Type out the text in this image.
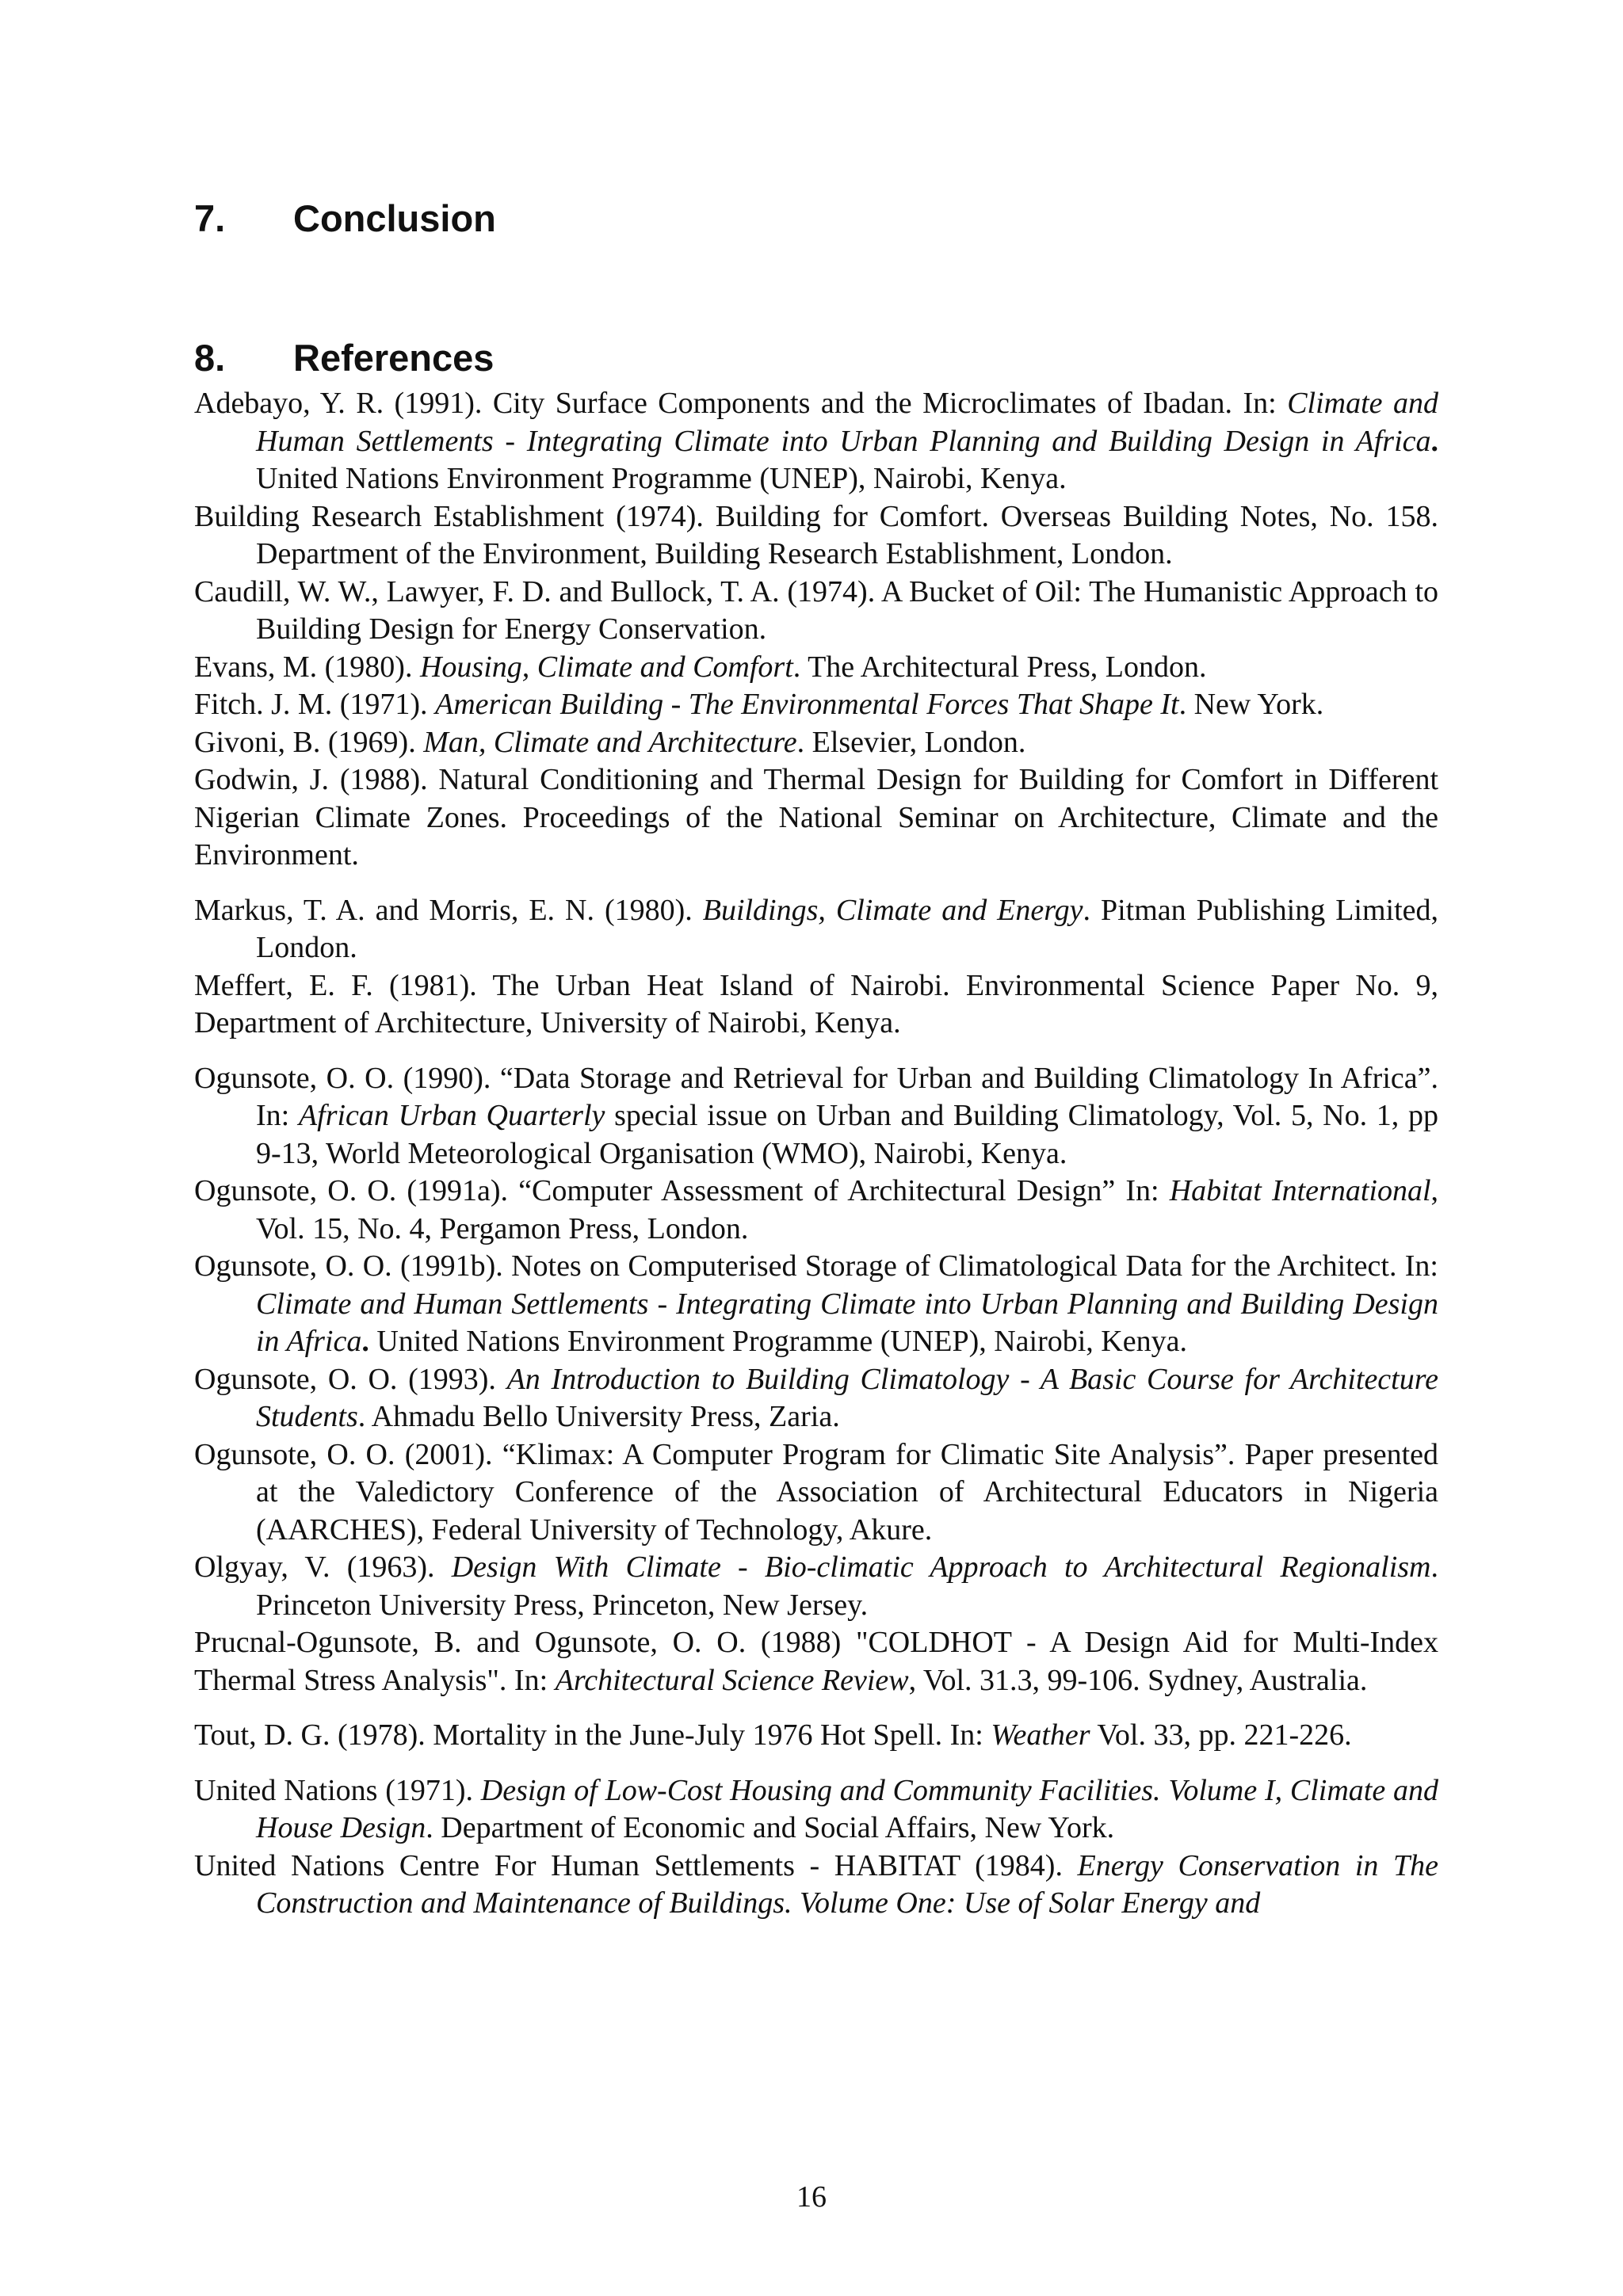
7. Conclusion
8. References

Adebayo, Y. R. (1991). City Surface Components and the Microclimates of Ibadan. In: Climate and Human Settlements - Integrating Climate into Urban Planning and Building Design in Africa. United Nations Environment Programme (UNEP), Nairobi, Kenya.

Building Research Establishment (1974). Building for Comfort. Overseas Building Notes, No. 158. Department of the Environment, Building Research Establishment, London.

Caudill, W. W., Lawyer, F. D. and Bullock, T. A. (1974). A Bucket of Oil: The Humanistic Approach to Building Design for Energy Conservation.

Evans, M. (1980). Housing, Climate and Comfort. The Architectural Press, London.

Fitch. J. M. (1971). American Building - The Environmental Forces That Shape It. New York.

Givoni, B. (1969). Man, Climate and Architecture. Elsevier, London.

Godwin, J. (1988). Natural Conditioning and Thermal Design for Building for Comfort in Different Nigerian Climate Zones. Proceedings of the National Seminar on Architecture, Climate and the Environment.

Markus, T. A. and Morris, E. N. (1980). Buildings, Climate and Energy. Pitman Publishing Limited, London.

Meffert, E. F. (1981). The Urban Heat Island of Nairobi. Environmental Science Paper No. 9, Department of Architecture, University of Nairobi, Kenya.

Ogunsote, O. O. (1990). “Data Storage and Retrieval for Urban and Building Climatology In Africa”. In: African Urban Quarterly special issue on Urban and Building Climatology, Vol. 5, No. 1, pp 9-13, World Meteorological Organisation (WMO), Nairobi, Kenya.

Ogunsote, O. O. (1991a). “Computer Assessment of Architectural Design” In: Habitat International, Vol. 15, No. 4, Pergamon Press, London.

Ogunsote, O. O. (1991b). Notes on Computerised Storage of Climatological Data for the Architect. In: Climate and Human Settlements - Integrating Climate into Urban Planning and Building Design in Africa. United Nations Environment Programme (UNEP), Nairobi, Kenya.

Ogunsote, O. O. (1993). An Introduction to Building Climatology - A Basic Course for Architecture Students. Ahmadu Bello University Press, Zaria.

Ogunsote, O. O. (2001). “Klimax: A Computer Program for Climatic Site Analysis”. Paper presented at the Valedictory Conference of the Association of Architectural Educators in Nigeria (AARCHES), Federal University of Technology, Akure.

Olgyay, V. (1963). Design With Climate - Bio-climatic Approach to Architectural Regionalism. Princeton University Press, Princeton, New Jersey.

Prucnal-Ogunsote, B. and Ogunsote, O. O. (1988) "COLDHOT - A Design Aid for Multi-Index Thermal Stress Analysis". In: Architectural Science Review, Vol. 31.3, 99-106. Sydney, Australia.

Tout, D. G. (1978). Mortality in the June-July 1976 Hot Spell. In: Weather Vol. 33, pp. 221-226.

United Nations (1971). Design of Low-Cost Housing and Community Facilities. Volume I, Climate and House Design. Department of Economic and Social Affairs, New York.

United Nations Centre For Human Settlements - HABITAT (1984). Energy Conservation in The Construction and Maintenance of Buildings. Volume One: Use of Solar Energy and

16
